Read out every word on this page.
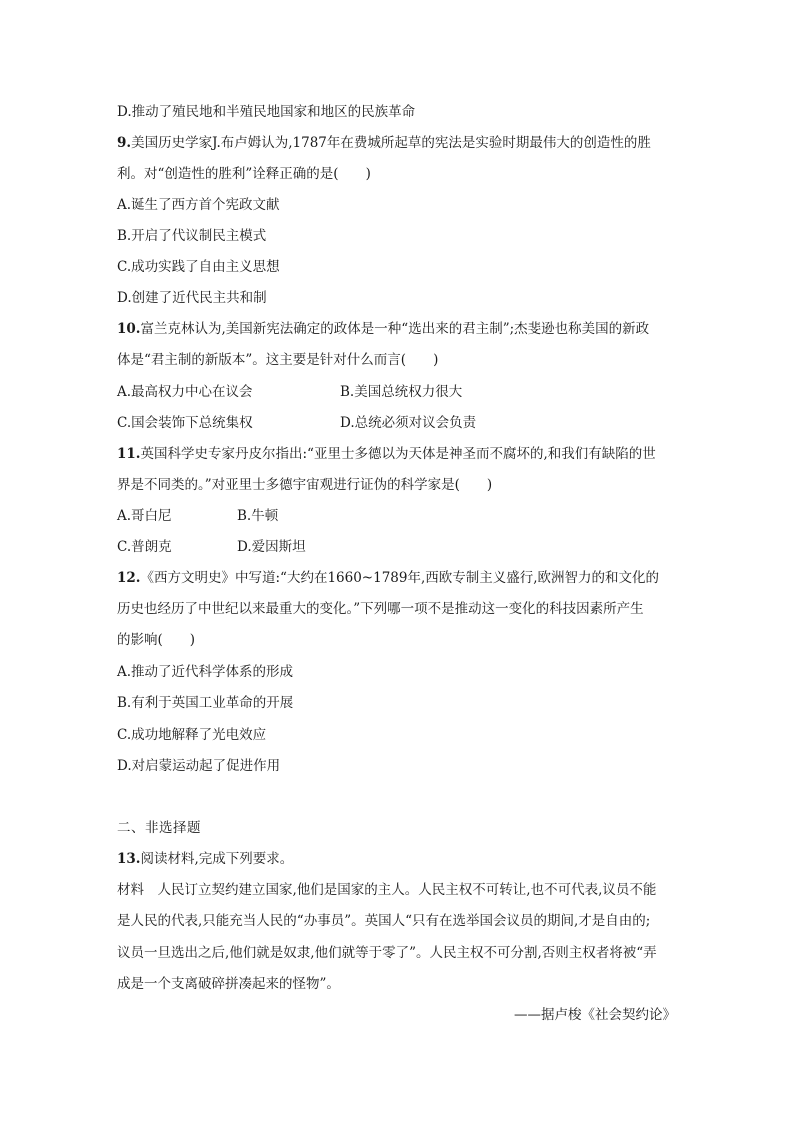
D.推动了殖民地和半殖民地国家和地区的民族革命
9.美国历史学家J.布卢姆认为,1787年在费城所起草的宪法是实验时期最伟大的创造性的胜
利。对“创造性的胜利”诠释正确的是(　　)
A.诞生了西方首个宪政文献
B.开启了代议制民主模式
C.成功实践了自由主义思想
D.创建了近代民主共和制
10.富兰克林认为,美国新宪法确定的政体是一种“选出来的君主制”;杰斐逊也称美国的新政
体是“君主制的新版本”。这主要是针对什么而言(　　)
A.最高权力中心在议会	B.美国总统权力很大
C.国会装饰下总统集权	D.总统必须对议会负责
11.英国科学史专家丹皮尔指出:“亚里士多德以为天体是神圣而不腐坏的,和我们有缺陷的世
界是不同类的。”对亚里士多德宇宙观进行证伪的科学家是(　　)
A.哥白尼	B.牛顿
C.普朗克	D.爱因斯坦
12.《西方文明史》中写道:“大约在1660~1789年,西欧专制主义盛行,欧洲智力的和文化的
历史也经历了中世纪以来最重大的变化。”下列哪一项不是推动这一变化的科技因素所产生
的影响(　　)
A.推动了近代科学体系的形成
B.有利于英国工业革命的开展
C.成功地解释了光电效应
D.对启蒙运动起了促进作用
二、非选择题
13.阅读材料,完成下列要求。
材料　人民订立契约建立国家,他们是国家的主人。人民主权不可转让,也不可代表,议员不能
是人民的代表,只能充当人民的“办事员”。英国人“只有在选举国会议员的期间,才是自由的;
议员一旦选出之后,他们就是奴隶,他们就等于零了”。人民主权不可分割,否则主权者将被“弄
成是一个支离破碎拼凑起来的怪物”。
——据卢梭《社会契约论》
